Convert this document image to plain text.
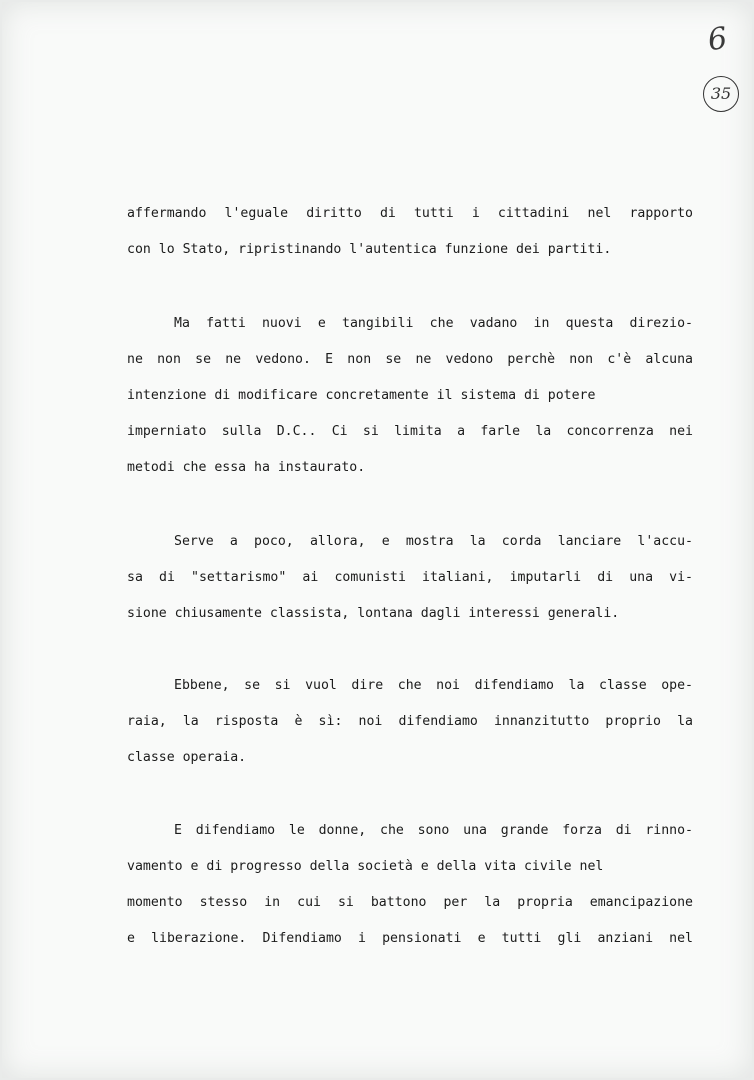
6
35
affermando l'eguale diritto di tutti i cittadini nel rapporto
con lo Stato, ripristinando l'autentica funzione dei partiti.
Ma fatti nuovi e tangibili che vadano in questa direzio-
ne non se ne vedono. E non se ne vedono perchè non c'è alcuna
intenzione di modificare concretamente il sistema di potere
imperniato sulla D.C.. Ci si limita a farle la concorrenza nei
metodi che essa ha instaurato.
Serve a poco, allora, e mostra la corda lanciare l'accu-
sa di "settarismo" ai comunisti italiani, imputarli di una vi-
sione chiusamente classista, lontana dagli interessi generali.
Ebbene, se si vuol dire che noi difendiamo la classe ope-
raia, la risposta è sì: noi difendiamo innanzitutto proprio la
classe operaia.
E difendiamo le donne, che sono una grande forza di rinno-
vamento e di progresso della società e della vita civile nel
momento stesso in cui si battono per la propria emancipazione
e liberazione. Difendiamo i pensionati e tutti gli anziani nel
